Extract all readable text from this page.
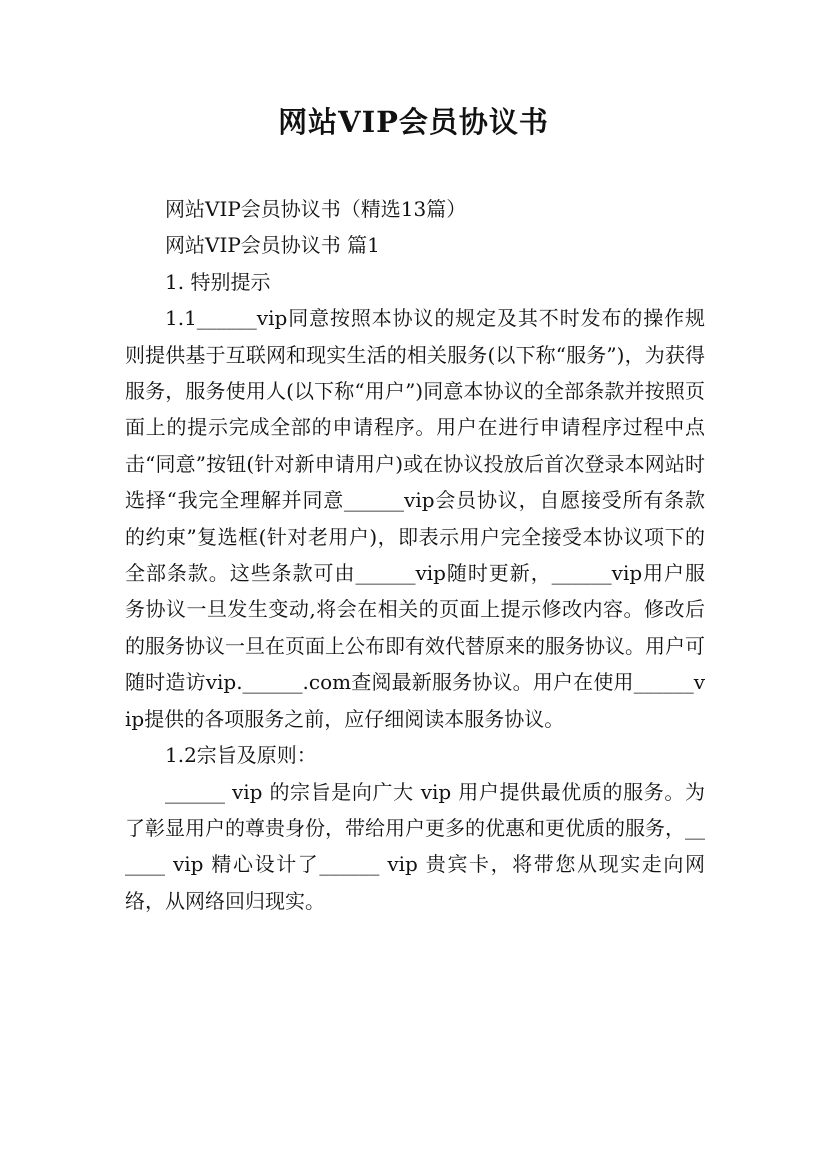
网站VIP会员协议书

网站VIP会员协议书（精选13篇）

网站VIP会员协议书 篇1

1. 特别提示

1.1______vip同意按照本协议的规定及其不时发布的操作规则提供基于互联网和现实生活的相关服务(以下称“服务”)，为获得服务，服务使用人(以下称“用户”)同意本协议的全部条款并按照页面上的提示完成全部的申请程序。用户在进行申请程序过程中点击“同意”按钮(针对新申请用户)或在协议投放后首次登录本网站时选择“我完全理解并同意______vip会员协议，自愿接受所有条款的约束”复选框(针对老用户)，即表示用户完全接受本协议项下的全部条款。这些条款可由______vip随时更新，______vip用户服务协议一旦发生变动,将会在相关的页面上提示修改内容。修改后的服务协议一旦在页面上公布即有效代替原来的服务协议。用户可随时造访vip.______.com查阅最新服务协议。用户在使用______vip提供的各项服务之前，应仔细阅读本服务协议。

1.2宗旨及原则：

______ vip 的宗旨是向广大 vip 用户提供最优质的服务。为了彰显用户的尊贵身份，带给用户更多的优惠和更优质的服务，______ vip 精心设计了______ vip 贵宾卡，将带您从现实走向网络，从网络回归现实。
